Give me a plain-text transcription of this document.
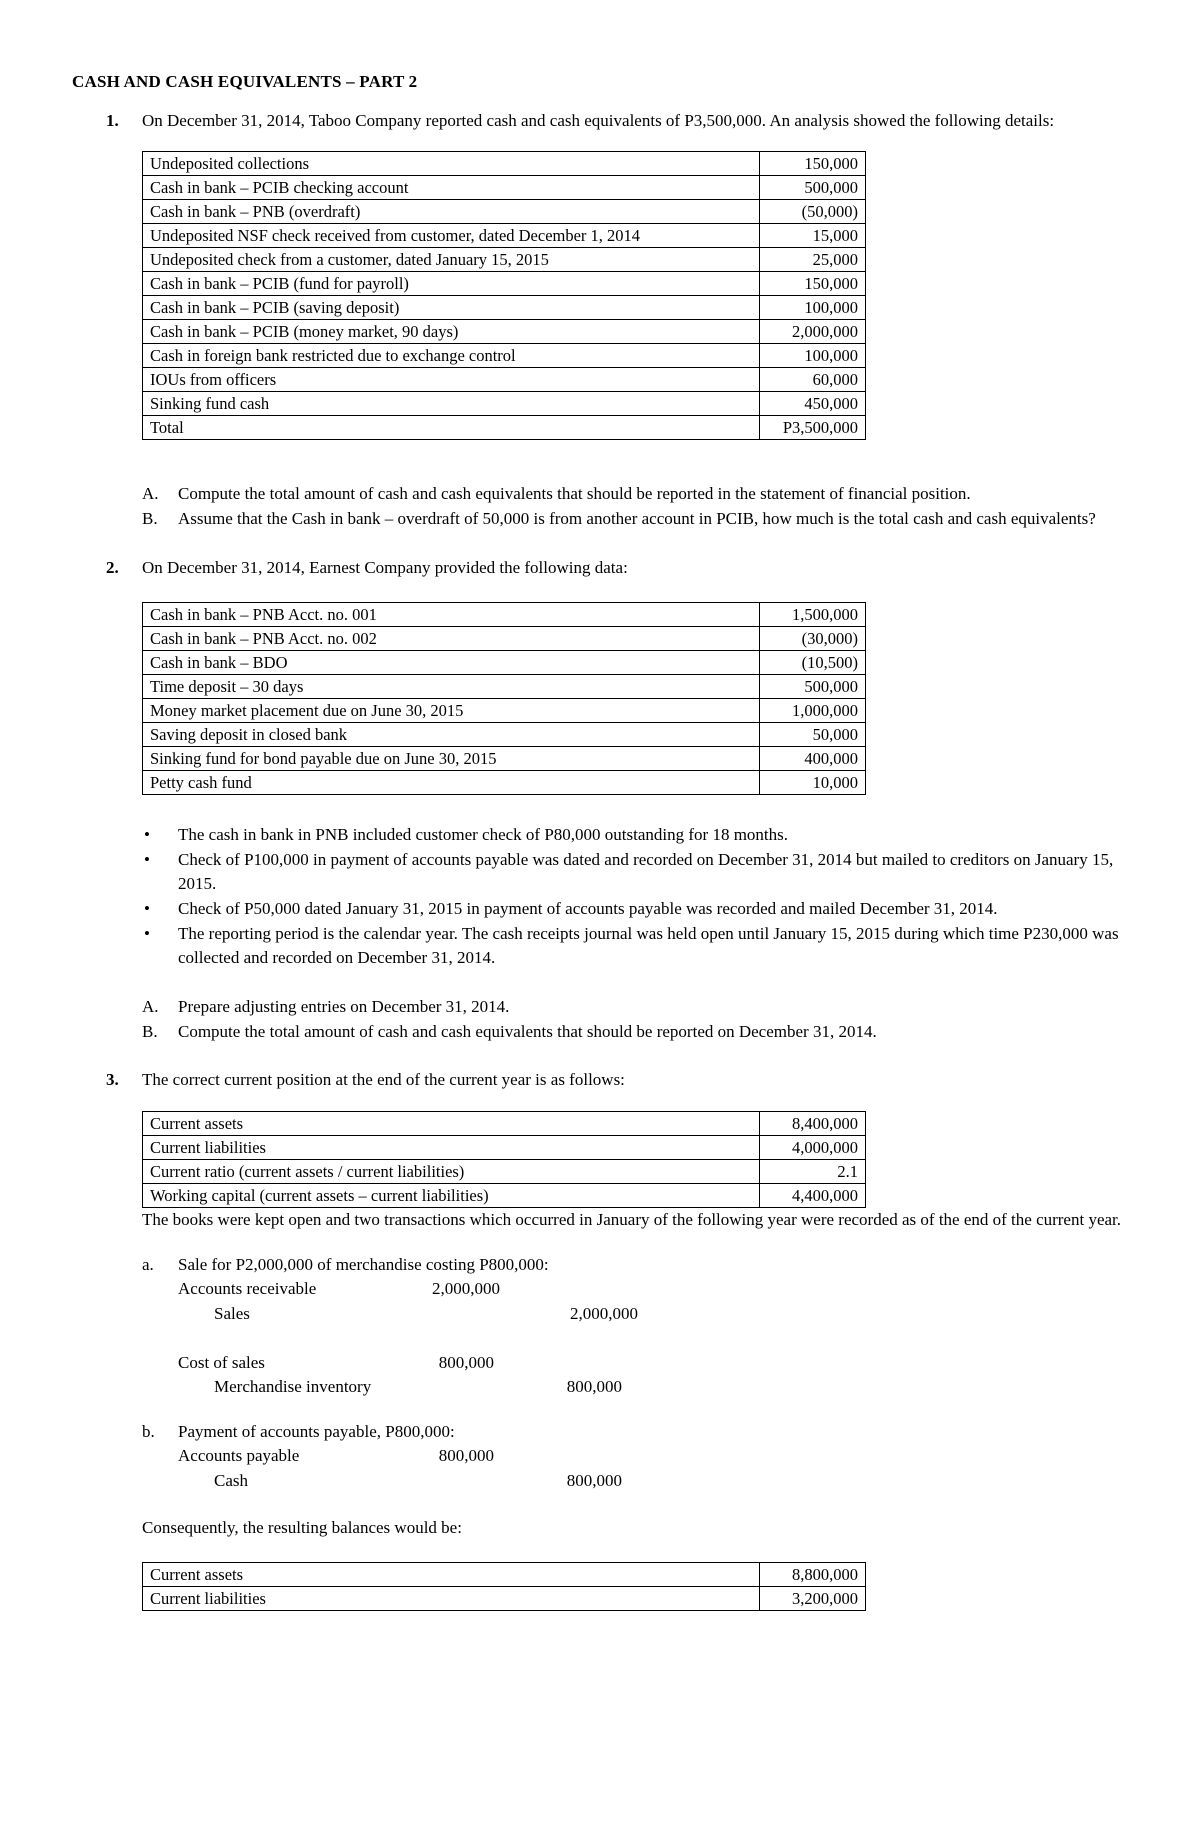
CASH AND CASH EQUIVALENTS – PART 2
1. On December 31, 2014, Taboo Company reported cash and cash equivalents of P3,500,000. An analysis showed the following details:

Undeposited collections	150,000
Cash in bank – PCIB checking account	500,000
Cash in bank – PNB (overdraft)	(50,000)
Undeposited NSF check received from customer, dated December 1, 2014	15,000
Undeposited check from a customer, dated January 15, 2015	25,000
Cash in bank – PCIB (fund for payroll)	150,000
Cash in bank – PCIB (saving deposit)	100,000
Cash in bank – PCIB (money market, 90 days)	2,000,000
Cash in foreign bank restricted due to exchange control	100,000
IOUs from officers	60,000
Sinking fund cash	450,000
Total	P3,500,000
A. Compute the total amount of cash and cash equivalents that should be reported in the statement of financial position.
B. Assume that the Cash in bank – overdraft of 50,000 is from another account in PCIB, how much is the total cash and cash equivalents?
2. On December 31, 2014, Earnest Company provided the following data:

Cash in bank – PNB Acct. no. 001	1,500,000
Cash in bank – PNB Acct. no. 002	(30,000)
Cash in bank – BDO	(10,500)
Time deposit – 30 days	500,000
Money market placement due on June 30, 2015	1,000,000
Saving deposit in closed bank	50,000
Sinking fund for bond payable due on June 30, 2015	400,000
Petty cash fund	10,000
• The cash in bank in PNB included customer check of P80,000 outstanding for 18 months.
• Check of P100,000 in payment of accounts payable was dated and recorded on December 31, 2014 but mailed to creditors on January 15, 2015.
• Check of P50,000 dated January 31, 2015 in payment of accounts payable was recorded and mailed December 31, 2014.
• The reporting period is the calendar year. The cash receipts journal was held open until January 15, 2015 during which time P230,000 was collected and recorded on December 31, 2014.
A. Prepare adjusting entries on December 31, 2014.
B. Compute the total amount of cash and cash equivalents that should be reported on December 31, 2014.
3. The correct current position at the end of the current year is as follows:

Current assets	8,400,000
Current liabilities	4,000,000
Current ratio (current assets / current liabilities)	2.1
Working capital (current assets – current liabilities)	4,400,000

The books were kept open and two transactions which occurred in January of the following year were recorded as of the end of the current year.

a. Sale for P2,000,000 of merchandise costing P800,000:
Accounts receivable	2,000,000
Sales	2,000,000
Cost of sales	800,000
Merchandise inventory	800,000
b. Payment of accounts payable, P800,000:
Accounts payable	800,000
Cash	800,000

Consequently, the resulting balances would be:

Current assets	8,800,000
Current liabilities	3,200,000
